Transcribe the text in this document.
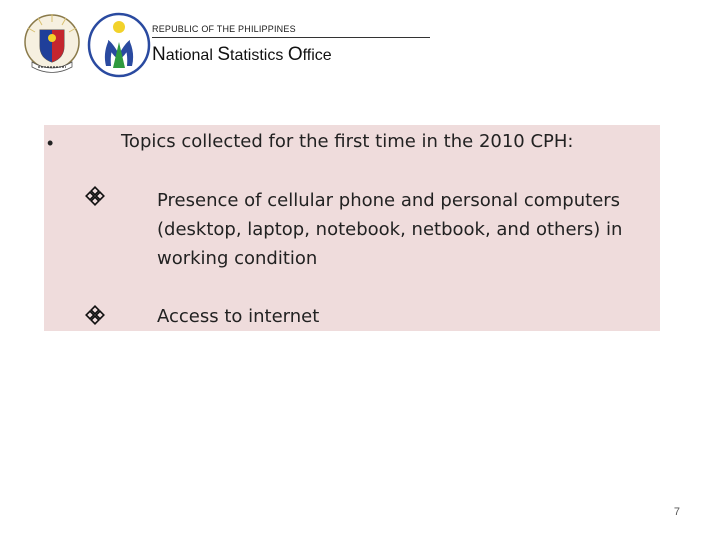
REPUBLIC OF THE PHILIPPINES
National Statistics Office
•	Topics collected for the first time in the 2010 CPH:
Presence of cellular phone and personal computers (desktop, laptop, notebook, netbook, and others) in working condition
Access to internet
7
